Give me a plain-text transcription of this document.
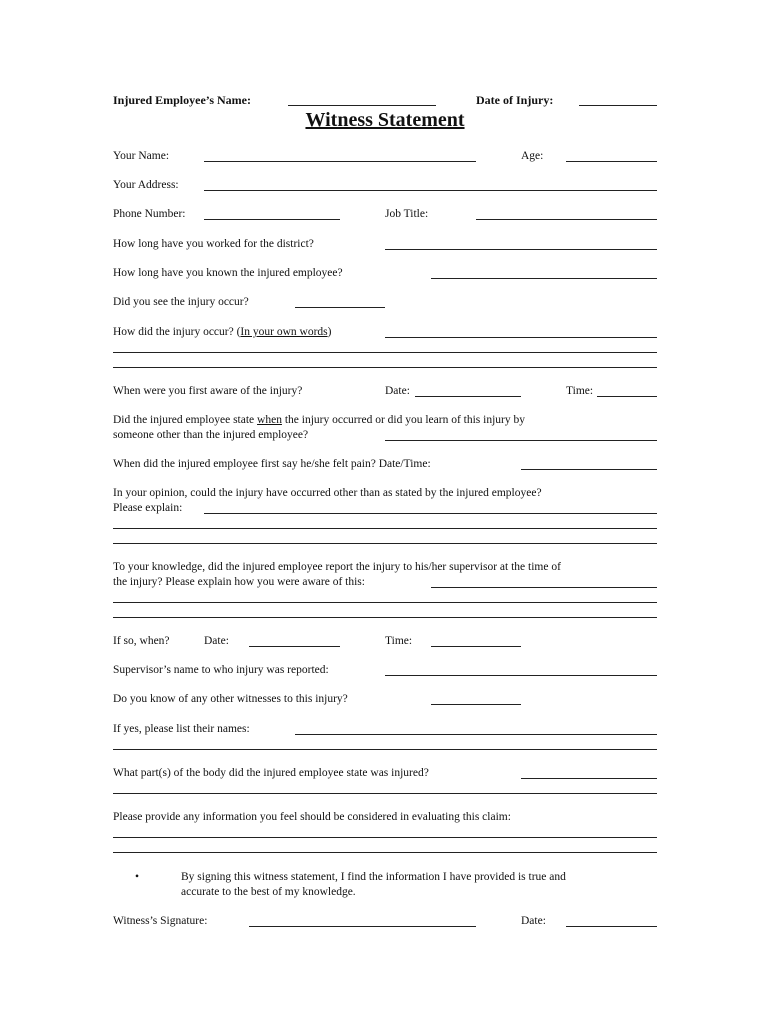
Injured Employee’s Name:	Date of Injury:
Witness Statement
Your Name:	Age:
Your Address:
Phone Number:	Job Title:
How long have you worked for the district?
How long have you known the injured employee?
Did you see the injury occur?
How did the injury occur? (In your own words)
When were you first aware of the injury?	Date:	Time:
Did the injured employee state when the injury occurred or did you learn of this injury by
someone other than the injured employee?
When did the injured employee first say he/she felt pain? Date/Time:
In your opinion, could the injury have occurred other than as stated by the injured employee?
Please explain:
To your knowledge, did the injured employee report the injury to his/her supervisor at the time of
the injury? Please explain how you were aware of this:
If so, when?	Date:	Time:
Supervisor’s name to who injury was reported:
Do you know of any other witnesses to this injury?
If yes, please list their names:
What part(s) of the body did the injured employee state was injured?
Please provide any information you feel should be considered in evaluating this claim:
•	By signing this witness statement, I find the information I have provided is true and
accurate to the best of my knowledge.
Witness’s Signature:	Date:
